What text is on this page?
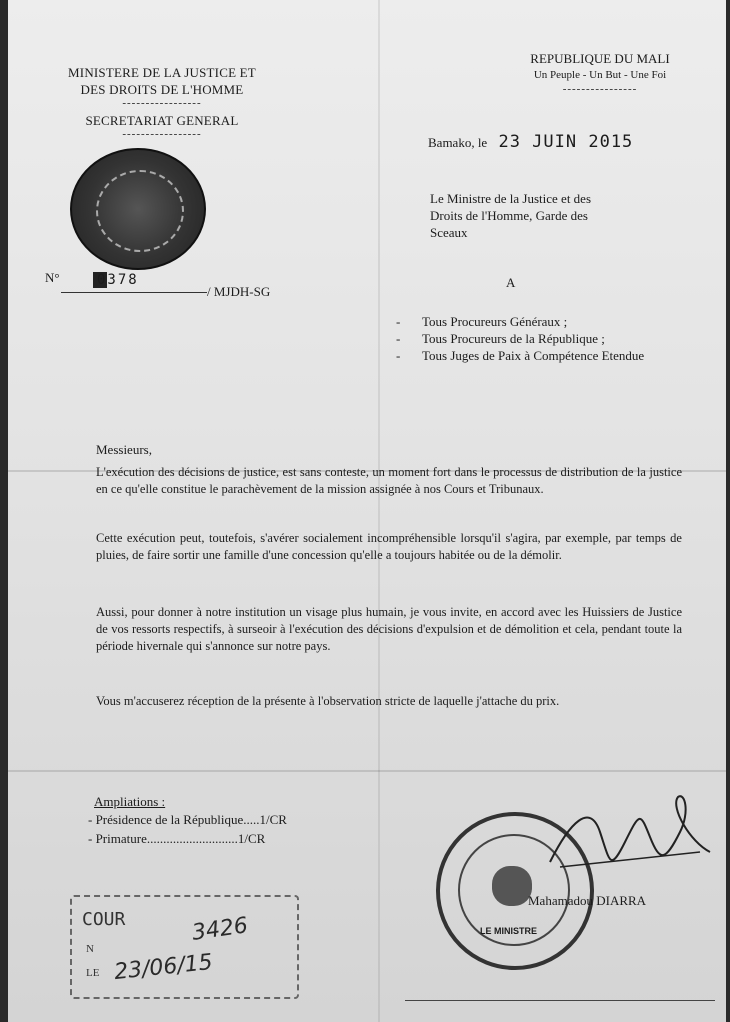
MINISTERE DE LA JUSTICE ET
DES DROITS DE L'HOMME
-----------------
SECRETARIAT GENERAL
-----------------
REPUBLIQUE DU MALI
Un Peuple - Un But - Une Foi
----------------
N°	0378
/ MJDH-SG
Bamako, le 23 JUIN 2015
Le Ministre de la Justice et des
Droits de l'Homme, Garde des
Sceaux
A
- Tous Procureurs Généraux ;
- Tous Procureurs de la République ;
- Tous Juges de Paix à Compétence Etendue
Messieurs,
L'exécution des décisions de justice, est sans conteste, un moment fort dans le processus de distribution de la justice en ce qu'elle constitue le parachèvement de la mission assignée à nos Cours et Tribunaux.
Cette exécution peut, toutefois, s'avérer socialement incompréhensible lorsqu'il s'agira, par exemple, par temps de pluies, de faire sortir une famille d'une concession qu'elle a toujours habitée ou de la démolir.
Aussi, pour donner à notre institution un visage plus humain, je vous invite, en accord avec les Huissiers de Justice de vos ressorts respectifs, à surseoir à l'exécution des décisions d'expulsion et de démolition et cela, pendant toute la période hivernale qui s'annonce sur notre pays.
Vous m'accuserez réception de la présente à l'observation stricte de laquelle j'attache du prix.
Ampliations :
- Présidence de la République.....1/CR
- Primature............................1/CR
COUR
N
LE
3426
23/06/15
LE MINISTRE
Mahamadou DIARRA
